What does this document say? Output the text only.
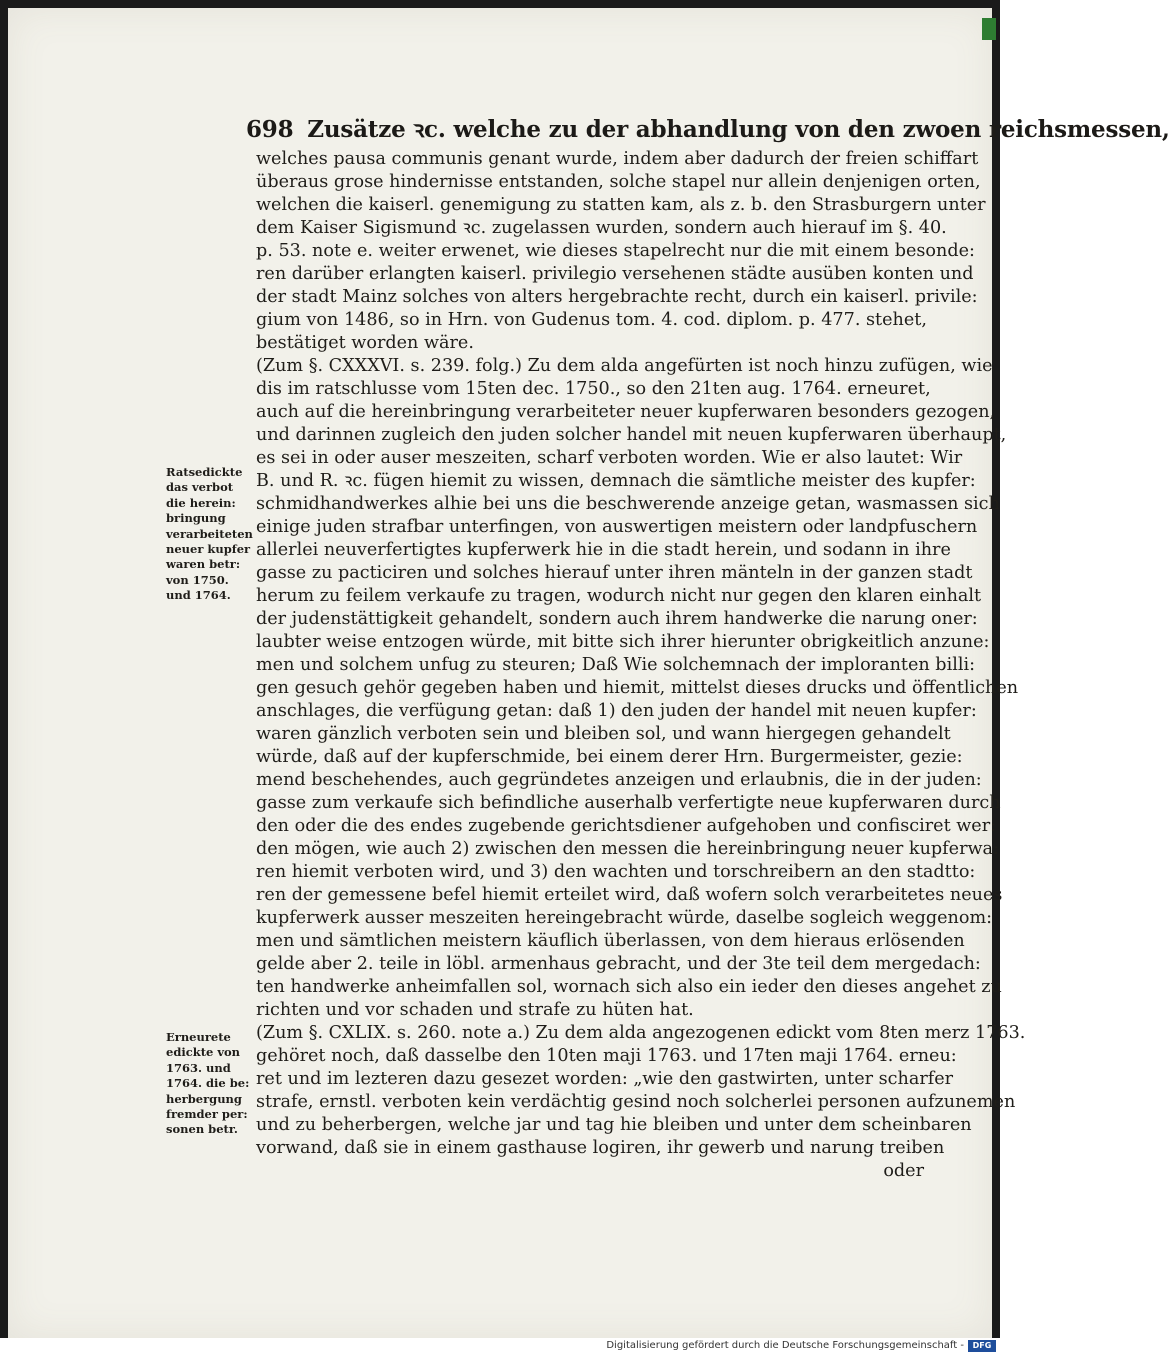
698 Zusätze ꝛc. welche zu der abhandlung von den zwoen reichsmessen,
welches pausa communis genant wurde, indem aber dadurch der freien schiffart
überaus grose hindernisse entstanden, solche stapel nur allein denjenigen orten,
welchen die kaiserl. genemigung zu statten kam, als z. b. den Strasburgern unter
dem Kaiser Sigismund ꝛc. zugelassen wurden, sondern auch hierauf im §. 40.
p. 53. note e. weiter erwenet, wie dieses stapelrecht nur die mit einem besonde:
ren darüber erlangten kaiserl. privilegio versehenen städte ausüben konten und
der stadt Mainz solches von alters hergebrachte recht, durch ein kaiserl. privile:
gium von 1486, so in Hrn. von Gudenus tom. 4. cod. diplom. p. 477. stehet,
bestätiget worden wäre.
(Zum §. CXXXVI. s. 239. folg.) Zu dem alda angefürten ist noch hinzu zufügen, wie
dis im ratschlusse vom 15ten dec. 1750., so den 21ten aug. 1764. erneuret,
auch auf die hereinbringung verarbeiteter neuer kupferwaren besonders gezogen,
und darinnen zugleich den juden solcher handel mit neuen kupferwaren überhaupt,
es sei in oder auser meszeiten, scharf verboten worden. Wie er also lautet: Wir
B. und R. ꝛc. fügen hiemit zu wissen, demnach die sämtliche meister des kupfer:
schmidhandwerkes alhie bei uns die beschwerende anzeige getan, wasmassen sich
einige juden strafbar unterfingen, von auswertigen meistern oder landpfuschern
allerlei neuverfertigtes kupferwerk hie in die stadt herein, und sodann in ihre
gasse zu pacticiren und solches hierauf unter ihren mänteln in der ganzen stadt
herum zu feilem verkaufe zu tragen, wodurch nicht nur gegen den klaren einhalt
der judenstättigkeit gehandelt, sondern auch ihrem handwerke die narung oner:
laubter weise entzogen würde, mit bitte sich ihrer hierunter obrigkeitlich anzune:
men und solchem unfug zu steuren; Daß Wie solchemnach der imploranten billi:
gen gesuch gehör gegeben haben und hiemit, mittelst dieses drucks und öffentlichen
anschlages, die verfügung getan: daß 1) den juden der handel mit neuen kupfer:
waren gänzlich verboten sein und bleiben sol, und wann hiergegen gehandelt
würde, daß auf der kupferschmide, bei einem derer Hrn. Burgermeister, gezie:
mend beschehendes, auch gegründetes anzeigen und erlaubnis, die in der juden:
gasse zum verkaufe sich befindliche auserhalb verfertigte neue kupferwaren durch
den oder die des endes zugebende gerichtsdiener aufgehoben und confisciret wer:
den mögen, wie auch 2) zwischen den messen die hereinbringung neuer kupferwa:
ren hiemit verboten wird, und 3) den wachten und torschreibern an den stadtto:
ren der gemessene befel hiemit erteilet wird, daß wofern solch verarbeitetes neues
kupferwerk ausser meszeiten hereingebracht würde, daselbe sogleich weggenom:
men und sämtlichen meistern käuflich überlassen, von dem hieraus erlösenden
gelde aber 2. teile in löbl. armenhaus gebracht, und der 3te teil dem mergedach:
ten handwerke anheimfallen sol, wornach sich also ein ieder den dieses angehet zu
richten und vor schaden und strafe zu hüten hat.
(Zum §. CXLIX. s. 260. note a.) Zu dem alda angezogenen edickt vom 8ten merz 1763.
gehöret noch, daß dasselbe den 10ten maji 1763. und 17ten maji 1764. erneu:
ret und im lezteren dazu gesezet worden: „wie den gastwirten, unter scharfer
strafe, ernstl. verboten kein verdächtig gesind noch solcherlei personen aufzunemen
und zu beherbergen, welche jar und tag hie bleiben und unter dem scheinbaren
vorwand, daß sie in einem gasthause logiren, ihr gewerb und narung treiben
oder
Ratsedickte
das verbot
die herein:
bringung
verarbeiteten
neuer kupfer
waren betr:
von 1750.
und 1764.
Erneurete
edickte von
1763. und
1764. die be:
herbergung
fremder per:
sonen betr.
Digitalisierung gefördert durch die Deutsche Forschungsgemeinschaft -	DFG
